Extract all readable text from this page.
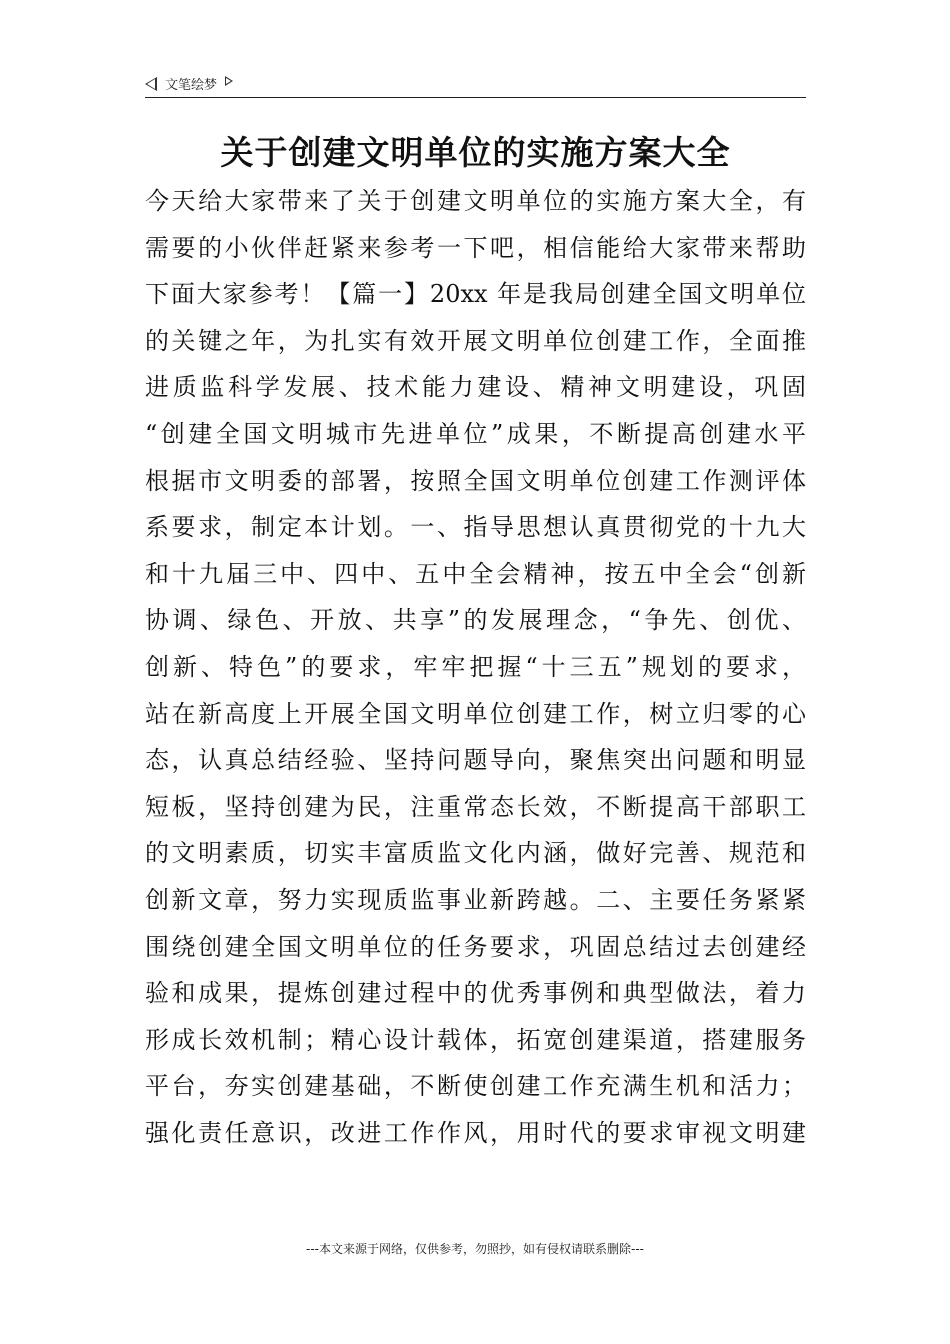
文笔绘梦
关于创建文明单位的实施方案大全
今天给大家带来了关于创建文明单位的实施方案大全，有
需要的小伙伴赶紧来参考一下吧，相信能给大家带来帮助
下面大家参考！【篇一】20xx 年是我局创建全国文明单位
的关键之年，为扎实有效开展文明单位创建工作，全面推
进质监科学发展、技术能力建设、精神文明建设，巩固
“创建全国文明城市先进单位”成果，不断提高创建水平
根据市文明委的部署，按照全国文明单位创建工作测评体
系要求，制定本计划。一、指导思想认真贯彻党的十九大
和十九届三中、四中、五中全会精神，按五中全会“创新
协调、绿色、开放、共享”的发展理念，“争先、创优、
创新、特色”的要求，牢牢把握“十三五”规划的要求，
站在新高度上开展全国文明单位创建工作，树立归零的心
态，认真总结经验、坚持问题导向，聚焦突出问题和明显
短板，坚持创建为民，注重常态长效，不断提高干部职工
的文明素质，切实丰富质监文化内涵，做好完善、规范和
创新文章，努力实现质监事业新跨越。二、主要任务紧紧
围绕创建全国文明单位的任务要求，巩固总结过去创建经
验和成果，提炼创建过程中的优秀事例和典型做法，着力
形成长效机制；精心设计载体，拓宽创建渠道，搭建服务
平台，夯实创建基础，不断使创建工作充满生机和活力；
强化责任意识，改进工作作风，用时代的要求审视文明建
---本文来源于网络，仅供参考，勿照抄，如有侵权请联系删除---
